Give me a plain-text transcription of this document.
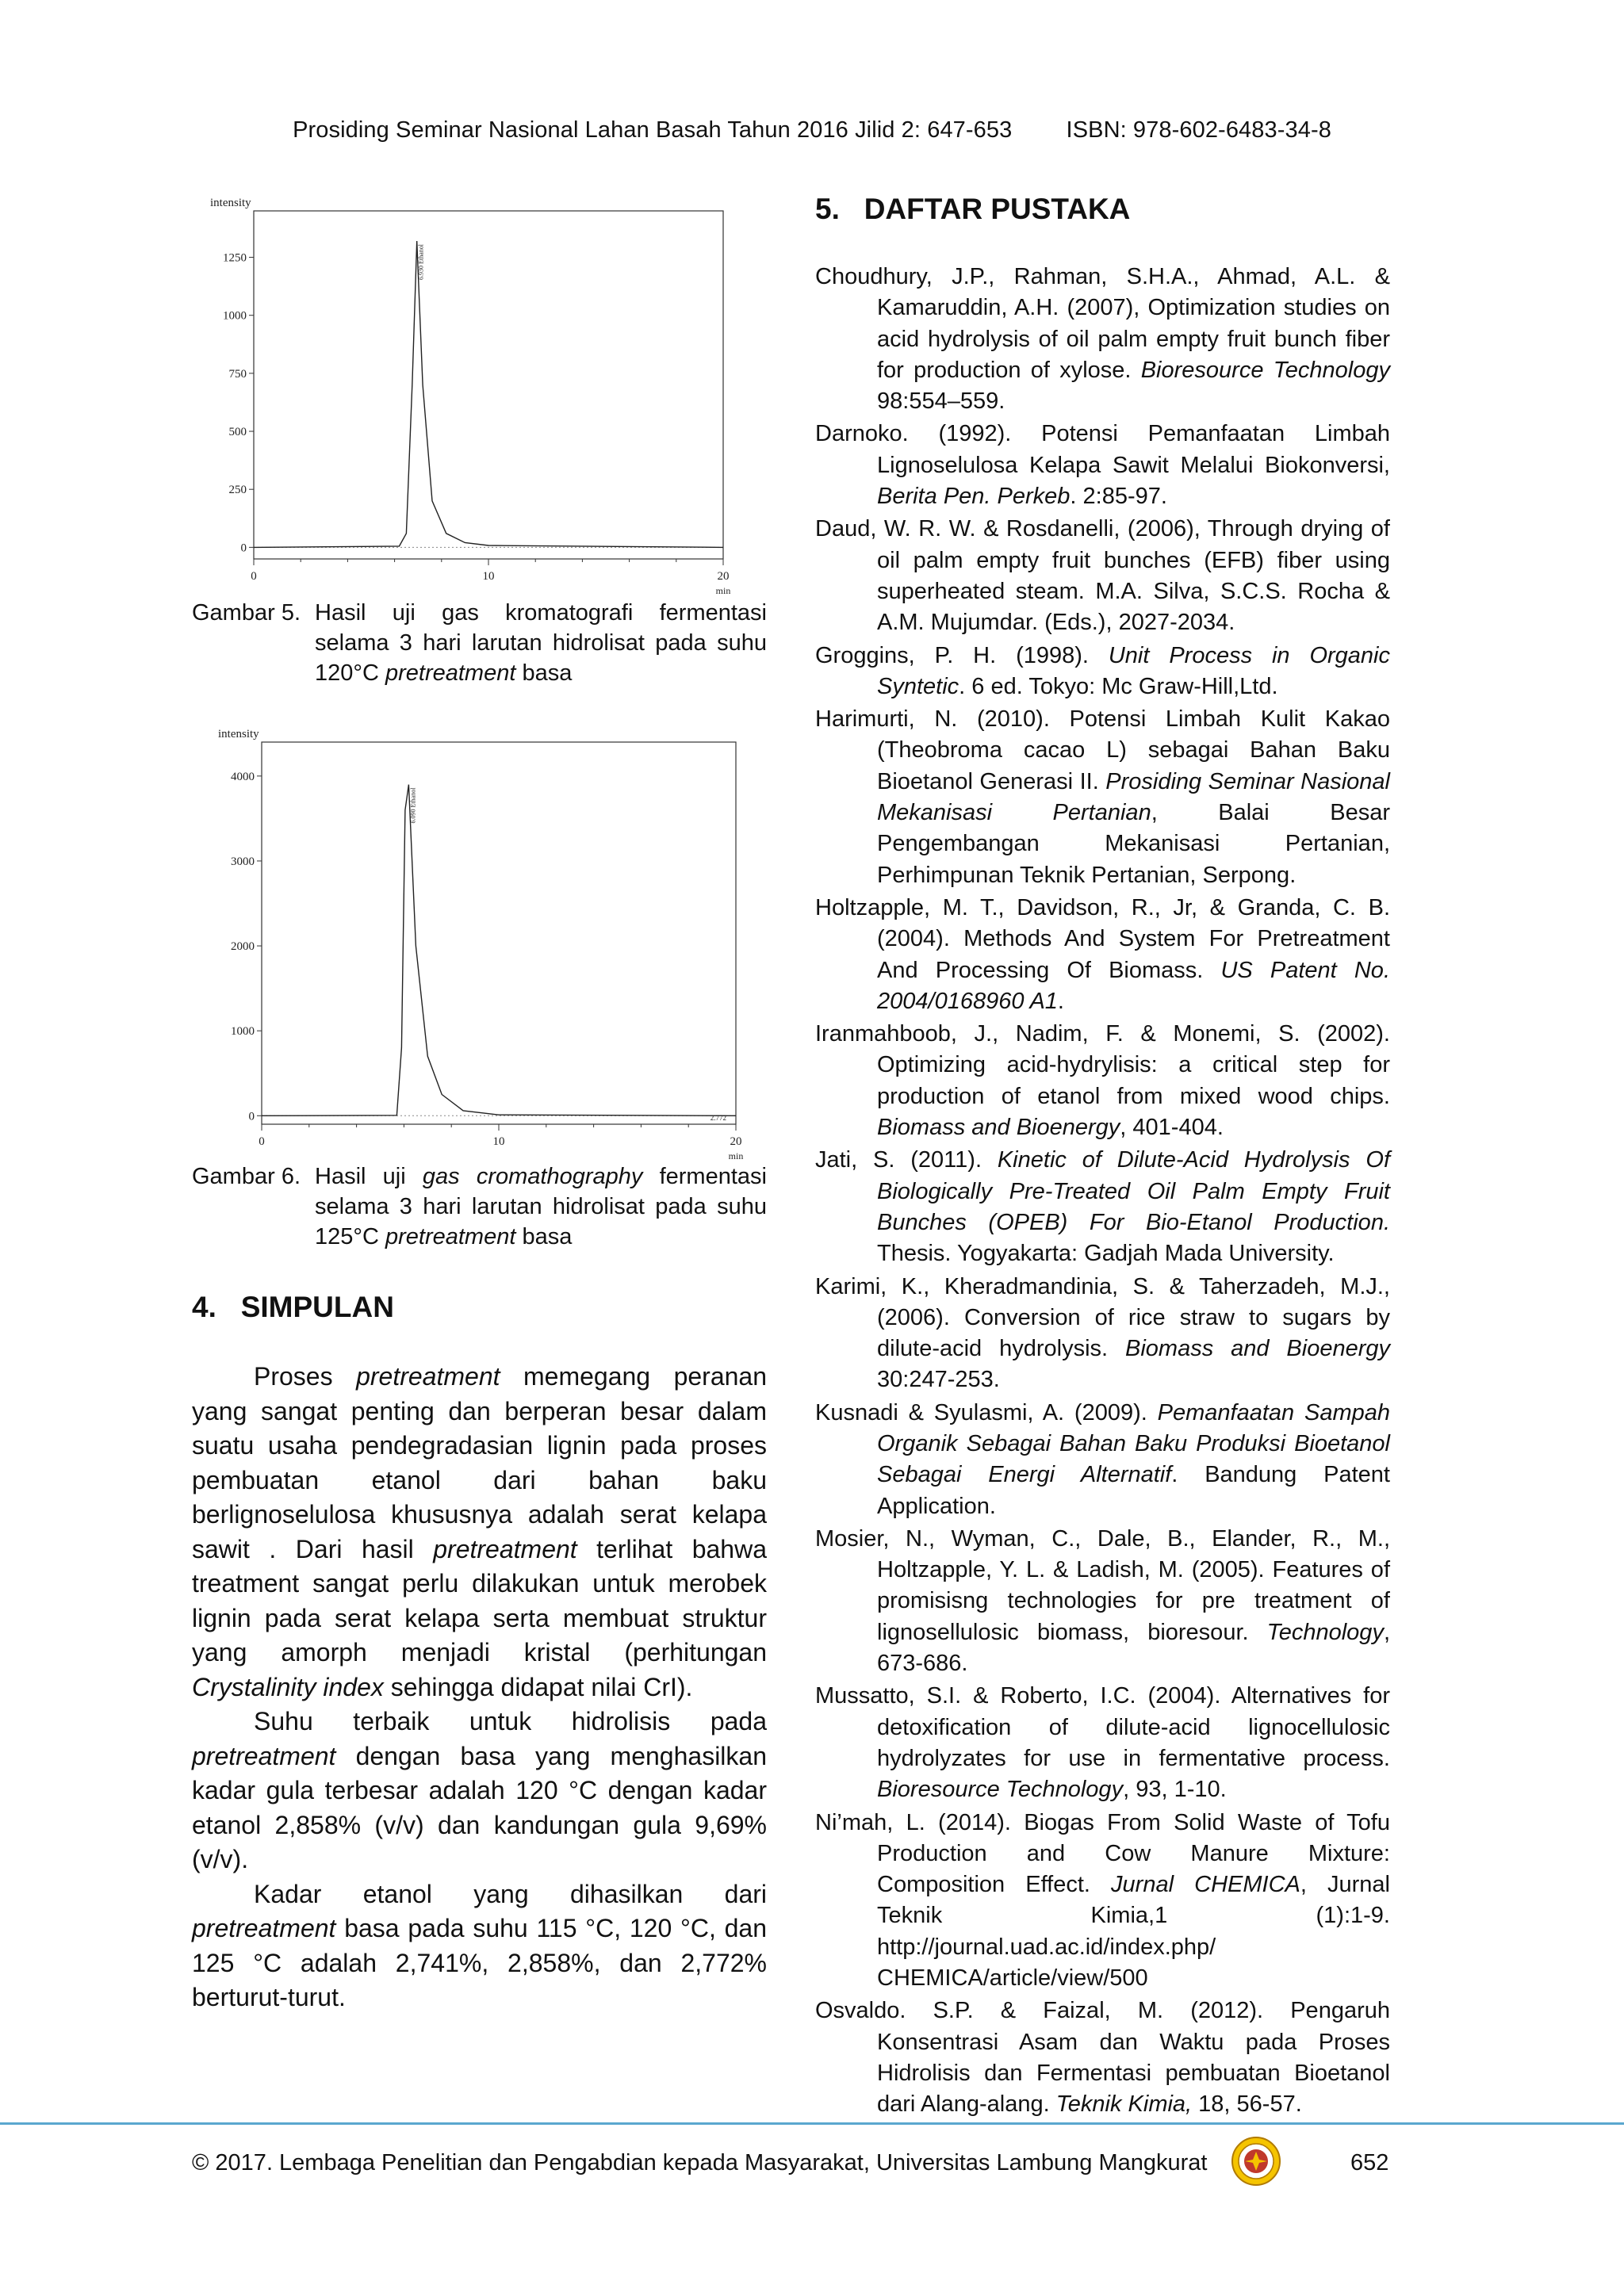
Prosiding Seminar Nasional Lahan Basah Tahun 2016 Jilid 2: 647-653 ISBN: 978-602-6483-34-8
intensity
0
250
500
750
1000
1250
0	10	20
min
6.930 Ethanol
Gambar 5. Hasil uji gas kromatografi fermentasi selama 3 hari larutan hidrolisat pada suhu 120°C pretreatment basa
intensity
0
1000
2000
3000
4000
0	10	20
min
6.090 Ethanol
2.772
Gambar 6. Hasil uji gas cromathography fermentasi selama 3 hari larutan hidrolisat pada suhu 125°C pretreatment basa
4.   SIMPULAN

Proses pretreatment memegang peranan yang sangat penting dan berperan besar dalam suatu usaha pendegradasian lignin pada proses pembuatan etanol dari bahan baku berlignoselulosa khususnya adalah serat kelapa sawit . Dari hasil pretreatment terlihat bahwa treatment sangat perlu dilakukan untuk merobek lignin pada serat kelapa serta membuat struktur yang amorph menjadi kristal (perhitungan Crystalinity index sehingga didapat nilai CrI).

Suhu terbaik untuk hidrolisis pada pretreatment dengan basa yang menghasilkan kadar gula terbesar adalah 120 °C dengan kadar etanol 2,858% (v/v) dan kandungan gula 9,69% (v/v).

Kadar etanol yang dihasilkan dari pretreatment basa pada suhu 115 °C, 120 °C, dan 125 °C adalah 2,741%, 2,858%, dan 2,772% berturut-turut.

5.   DAFTAR PUSTAKA

Choudhury, J.P., Rahman, S.H.A., Ahmad, A.L. & Kamaruddin, A.H. (2007), Optimization studies on acid hydrolysis of oil palm empty fruit bunch fiber for production of xylose. Bioresource Technology 98:554–559.

Darnoko. (1992). Potensi Pemanfaatan Limbah Lignoselulosa Kelapa Sawit Melalui Biokonversi, Berita Pen. Perkeb. 2:85-97.

Daud, W. R. W. & Rosdanelli, (2006), Through drying of oil palm empty fruit bunches (EFB) fiber using superheated steam. M.A. Silva, S.C.S. Rocha & A.M. Mujumdar. (Eds.), 2027-2034.

Groggins, P. H. (1998). Unit Process in Organic Syntetic. 6 ed. Tokyo: Mc Graw-Hill,Ltd.

Harimurti, N. (2010). Potensi Limbah Kulit Kakao (Theobroma cacao L) sebagai Bahan Baku Bioetanol Generasi II. Prosiding Seminar Nasional Mekanisasi Pertanian, Balai Besar Pengembangan Mekanisasi Pertanian, Perhimpunan Teknik Pertanian, Serpong.

Holtzapple, M. T., Davidson, R., Jr, & Granda, C. B. (2004). Methods And System For Pretreatment And Processing Of Biomass. US Patent No. 2004/0168960 A1.

Iranmahboob, J., Nadim, F. & Monemi, S. (2002). Optimizing acid-hydrylisis: a critical step for production of etanol from mixed wood chips. Biomass and Bioenergy, 401-404.

Jati, S. (2011). Kinetic of Dilute-Acid Hydrolysis Of Biologically Pre-Treated Oil Palm Empty Fruit Bunches (OPEB) For Bio-Etanol Production. Thesis. Yogyakarta: Gadjah Mada University.

Karimi, K., Kheradmandinia, S. & Taherzadeh, M.J., (2006). Conversion of rice straw to sugars by dilute-acid hydrolysis. Biomass and Bioenergy 30:247-253.

Kusnadi & Syulasmi, A. (2009). Pemanfaatan Sampah Organik Sebagai Bahan Baku Produksi Bioetanol Sebagai Energi Alternatif. Bandung Patent Application.

Mosier, N., Wyman, C., Dale, B., Elander, R., M., Holtzapple, Y. L. & Ladish, M. (2005). Features of promisisng technologies for pre treatment of lignosellulosic biomass, bioresour. Technology, 673-686.

Mussatto, S.I. & Roberto, I.C. (2004). Alternatives for detoxification of dilute-acid lignocellulosic hydrolyzates for use in fermentative process. Bioresource Technology, 93, 1-10.

Ni’mah, L. (2014). Biogas From Solid Waste of Tofu Production and Cow Manure Mixture: Composition Effect. Jurnal CHEMICA, Jurnal Teknik Kimia,1 (1):1-9. http://journal.uad.ac.id/index.php/ CHEMICA/article/view/500

Osvaldo. S.P. & Faizal, M. (2012). Pengaruh Konsentrasi Asam dan Waktu pada Proses Hidrolisis dan Fermentasi pembuatan Bioetanol dari Alang-alang. Teknik Kimia, 18, 56-57.

© 2017. Lembaga Penelitian dan Pengabdian kepada Masyarakat, Universitas Lambung Mangkurat	652
